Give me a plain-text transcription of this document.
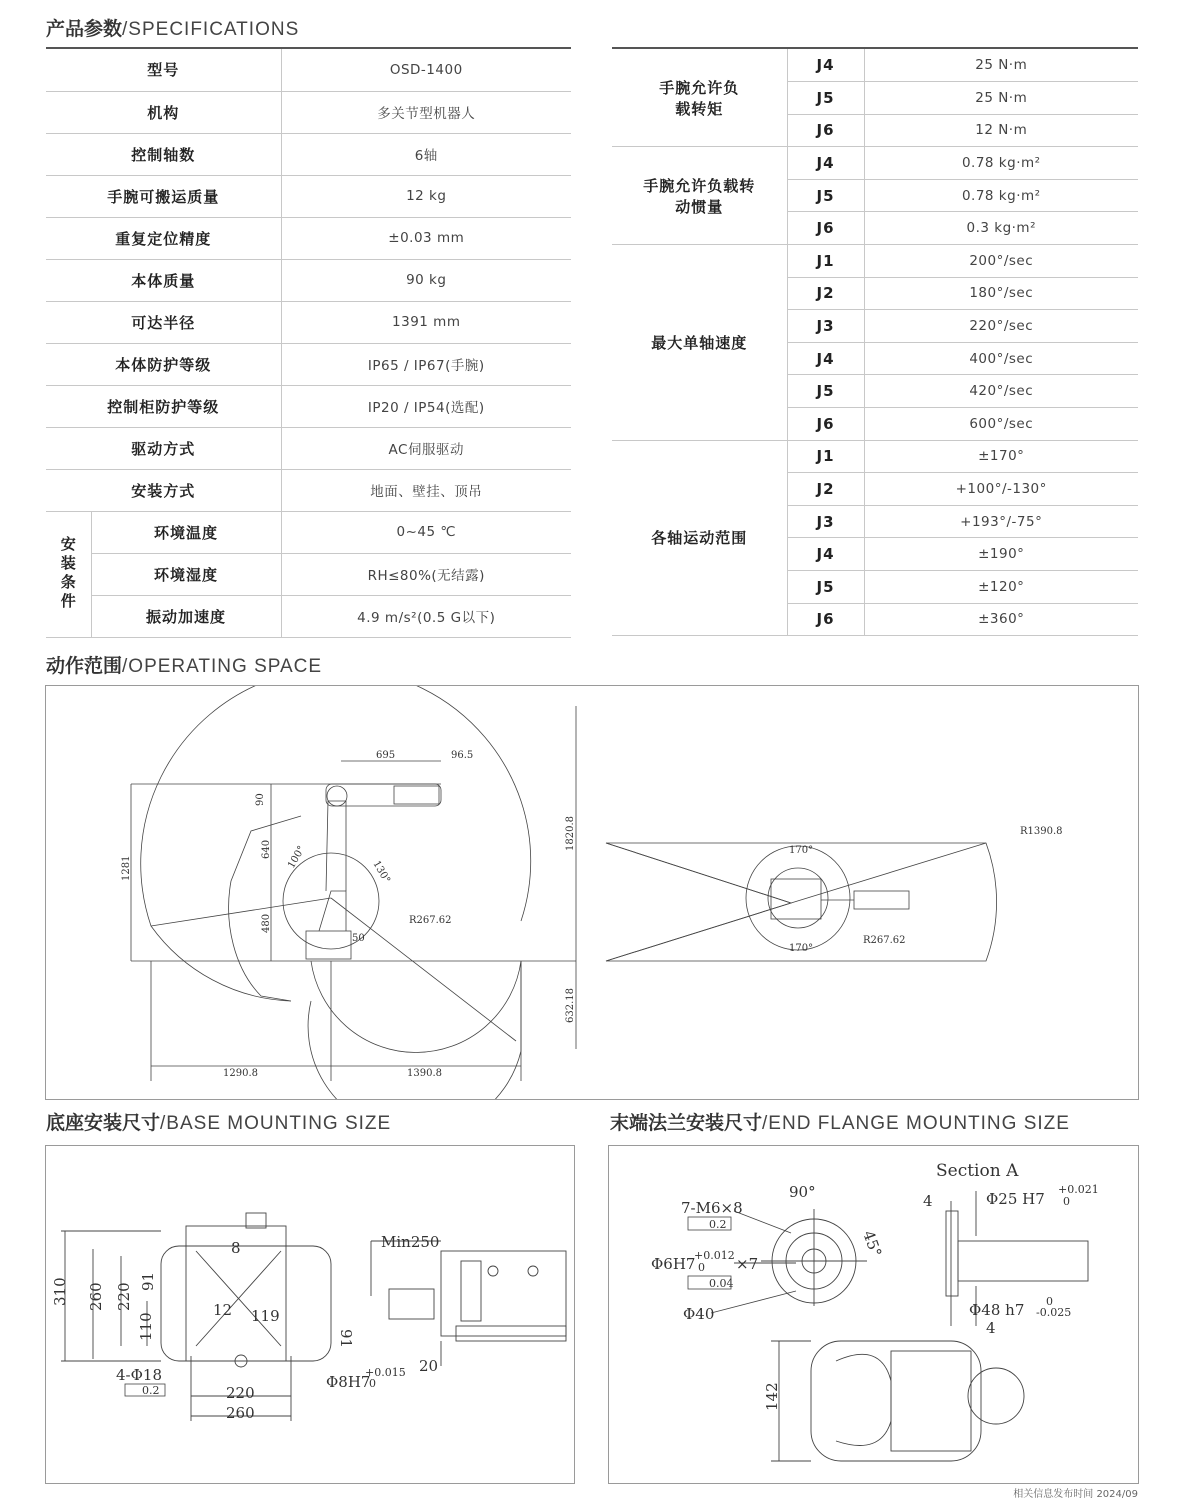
产品参数/SPECIFICATIONS
动作范围/OPERATING SPACE
底座安装尺寸/BASE MOUNTING SIZE	末端法兰安装尺寸/END FLANGE MOUNTING SIZE
型号		OSD-1400
机构		多关节型机器人
控制轴数		6轴
手腕可搬运质量		12 kg
重复定位精度		±0.03 mm
本体质量		90 kg
可达半径		1391 mm
本体防护等级		IP65 / IP67(手腕)
控制柜防护等级		IP20 / IP54(选配)
驱动方式		AC伺服驱动
安装方式		地面、壁挂、顶吊
安装条件	环境温度	0~45 ℃
	环境湿度	RH≤80%(无结露)
	振动加速度	4.9 m/s²(0.5 G以下)
手腕允许负载转矩	J4	25 N·m
	J5	25 N·m
	J6	12 N·m
手腕允许负载转动惯量	J4	0.78 kg·m²
	J5	0.78 kg·m²
	J6	0.3 kg·m²
最大单轴速度	J1	200°/sec
	J2	180°/sec
	J3	220°/sec
	J4	400°/sec
	J5	420°/sec
	J6	600°/sec
各轴运动范围	J1	±170°
	J2	+100°/-130°
	J3	+193°/-75°
	J4	±190°
	J5	±120°
	J6	±360°
695	96.5
90
640
1281
480
1820.8
632.18
1290.8	1390.8
100°
130°
R267.62
50
R1390.8
170°
170°
R267.62
310 260 220
110
91
8
12 119
91
4-Φ18
0.2	220
260
Φ8H7
+0.015
0
Min250
20
Section A
7-M6×8
0.2
90°
45°
Φ6H7
+0.012
0 ×7
0.04
Φ40
4	Φ25 H7
+0.021
0
Φ48 h7 0
-0.025
4
142
相关信息发布时间 2024/09
